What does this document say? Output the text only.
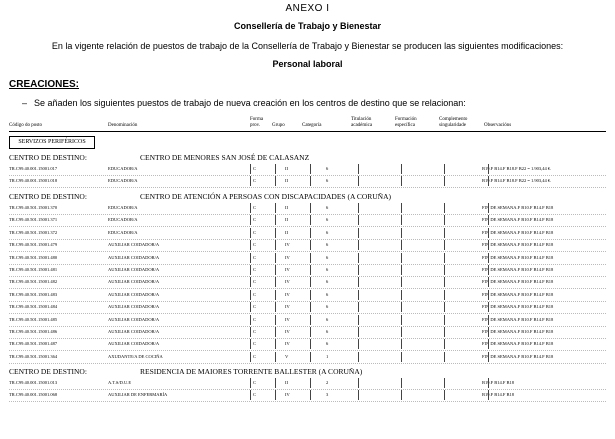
ANEXO I
Consellería de Trabajo y Bienestar
En la vigente relación de puestos de trabajo de la Consellería de Trabajo y Bienestar se producen las siguientes modificaciones:
Personal laboral
CREACIONES:
– Se añaden los siguientes puestos de trabajo de nueva creación en los centros de destino que se relacionan:
Código do posto	Denominación
Forma prov.	Grupo	Categoría
Titulación académica
Formación específica
Complemento singularidade	Observacións
SERVIZOS PERIFÉRICOS
CENTRO DE DESTINO:	CENTRO DE MENORES SAN JOSÉ DE CALASANZ
TR.C99.40.001.15001.017	EDUCADOR/A	C	II	6	B19.F B14.F B18.F B22 = 1.903,44 €.
TR.C99.40.001.15001.018	EDUCADOR/A	C	II	6	B19.F B14.F B18.F B22 = 1.903,44 €.
CENTRO DE DESTINO:	CENTRO DE ATENCIÓN A PERSOAS CON DISCAPACIDADES (A CORUÑA)
TR.C99.40.501.15001.370	EDUCADOR/A	C	II	6	FIN DE SEMANA.F B10.F B14.F B18
TR.C99.40.501.15001.371	EDUCADOR/A	C	II	6	FIN DE SEMANA.F B10.F B14.F B18
TR.C99.40.501.15001.372	EDUCADOR/A	C	II	6	FIN DE SEMANA.F B10.F B14.F B18
TR.C99.40.501.15001.479	AUXILIAR COIDADOR/A	C	IV	6	FIN DE SEMANA.F B10.F B14.F B18
TR.C99.40.501.15001.480	AUXILIAR COIDADOR/A	C	IV	6	FIN DE SEMANA.F B10.F B14.F B18
TR.C99.40.501.15001.481	AUXILIAR COIDADOR/A	C	IV	6	FIN DE SEMANA.F B10.F B14.F B18
TR.C99.40.501.15001.482	AUXILIAR COIDADOR/A	C	IV	6	FIN DE SEMANA.F B10.F B14.F B18
TR.C99.40.501.15001.483	AUXILIAR COIDADOR/A	C	IV	6	FIN DE SEMANA.F B10.F B14.F B18
TR.C99.40.501.15001.484	AUXILIAR COIDADOR/A	C	IV	6	FIN DE SEMANA.F B10.F B14.F B18
TR.C99.40.501.15001.485	AUXILIAR COIDADOR/A	C	IV	6	FIN DE SEMANA.F B10.F B14.F B18
TR.C99.40.501.15001.486	AUXILIAR COIDADOR/A	C	IV	6	FIN DE SEMANA.F B10.F B14.F B18
TR.C99.40.501.15001.487	AUXILIAR COIDADOR/A	C	IV	6	FIN DE SEMANA.F B10.F B14.F B18
TR.C99.40.501.15001.364	AXUDANTE/A DE COCIÑA	C	V	1	FIN DE SEMANA.F B10.F B14.F B18
CENTRO DE DESTINO:	RESIDENCIA DE MAIORES TORRENTE BALLESTER (A CORUÑA)
TR.C99.40.001.15001.013	A.T.S/D.U.E	C	II	2	B19.F B14.F B18
TR.C99.40.001.15001.068	AUXILIAR DE ENFERMARÍA	C	IV	3	B19.F B14.F B18
